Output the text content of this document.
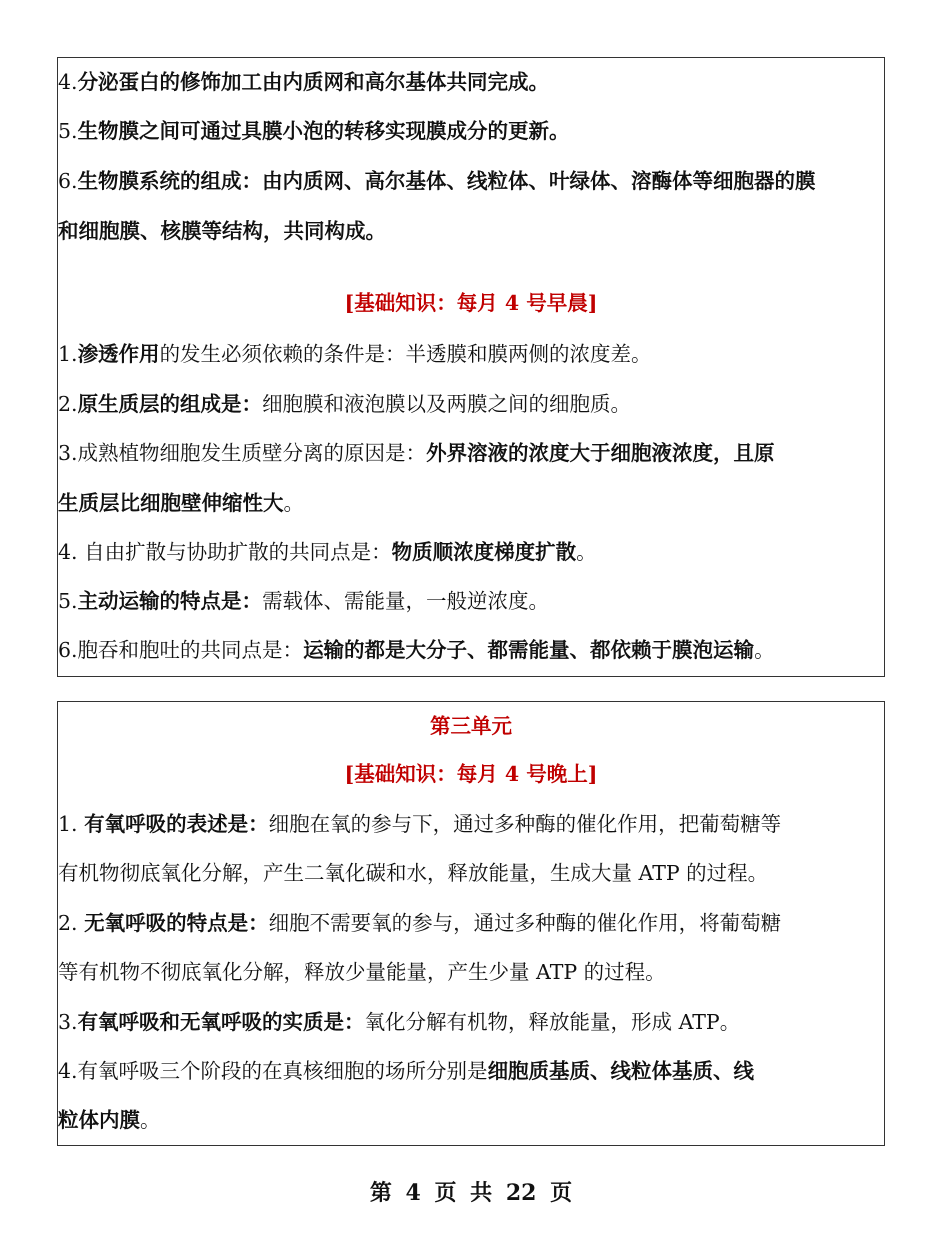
4.分泌蛋白的修饰加工由内质网和高尔基体共同完成。
5.生物膜之间可通过具膜小泡的转移实现膜成分的更新。
6.生物膜系统的组成：由内质网、高尔基体、线粒体、叶绿体、溶酶体等细胞器的膜
和细胞膜、核膜等结构，共同构成。
[基础知识：每月 4 号早晨]
1.渗透作用的发生必须依赖的条件是：半透膜和膜两侧的浓度差。
2.原生质层的组成是：细胞膜和液泡膜以及两膜之间的细胞质。
3.成熟植物细胞发生质壁分离的原因是：外界溶液的浓度大于细胞液浓度，且原
生质层比细胞壁伸缩性大。
4. 自由扩散与协助扩散的共同点是：物质顺浓度梯度扩散。
5.主动运输的特点是：需载体、需能量，一般逆浓度。
6.胞吞和胞吐的共同点是：运输的都是大分子、都需能量、都依赖于膜泡运输。
第三单元
[基础知识：每月 4 号晚上]
1. 有氧呼吸的表述是：细胞在氧的参与下，通过多种酶的催化作用，把葡萄糖等
有机物彻底氧化分解，产生二氧化碳和水，释放能量，生成大量 ATP 的过程。
2. 无氧呼吸的特点是：细胞不需要氧的参与，通过多种酶的催化作用，将葡萄糖
等有机物不彻底氧化分解，释放少量能量，产生少量 ATP 的过程。
3.有氧呼吸和无氧呼吸的实质是：氧化分解有机物，释放能量，形成 ATP。
4.有氧呼吸三个阶段的在真核细胞的场所分别是细胞质基质、线粒体基质、线
粒体内膜。
第 4 页 共 22 页
